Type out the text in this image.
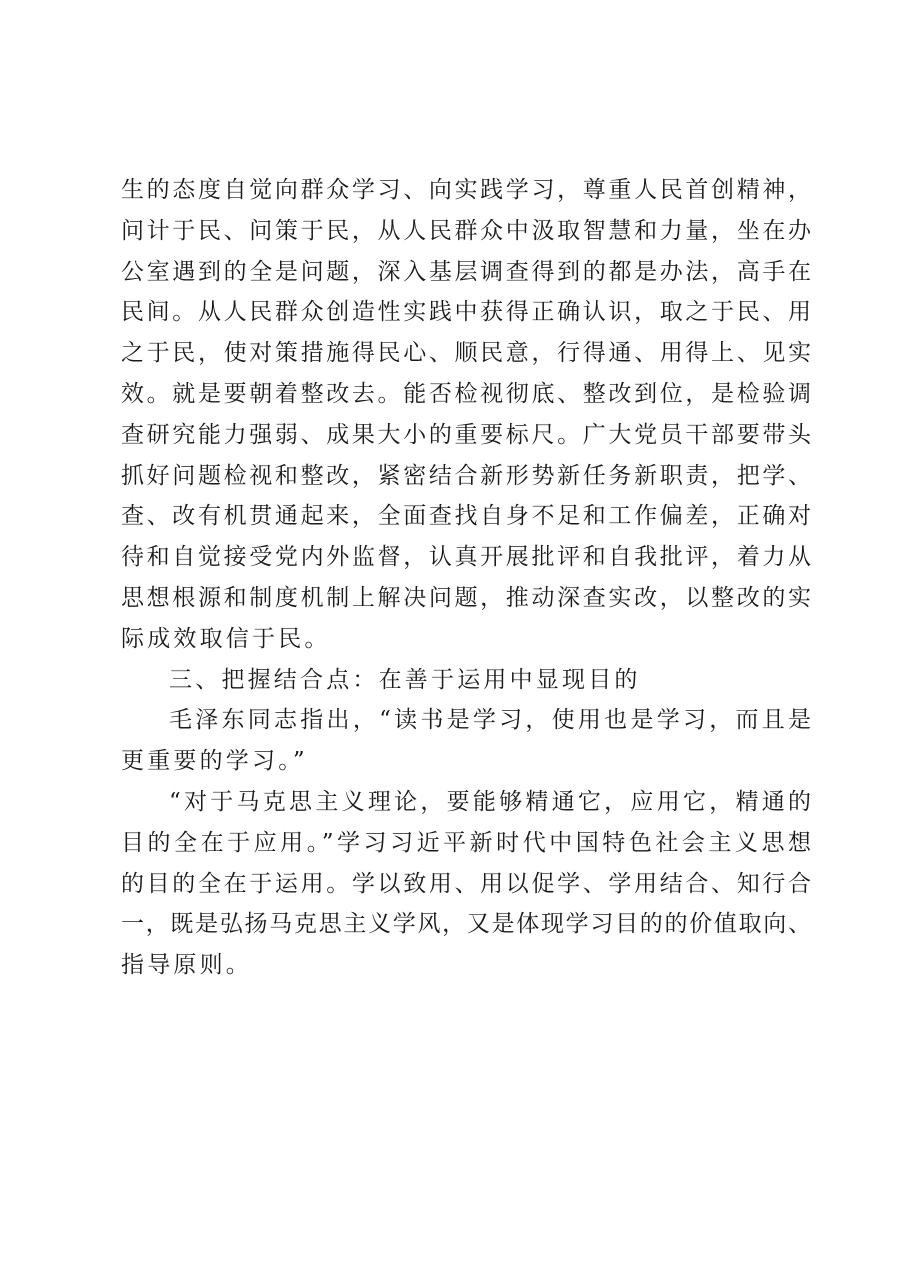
生的态度自觉向群众学习、向实践学习，尊重人民首创精神，
问计于民、问策于民，从人民群众中汲取智慧和力量，坐在办
公室遇到的全是问题，深入基层调查得到的都是办法，高手在
民间。从人民群众创造性实践中获得正确认识，取之于民、用
之于民，使对策措施得民心、顺民意，行得通、用得上、见实
效。就是要朝着整改去。能否检视彻底、整改到位，是检验调
查研究能力强弱、成果大小的重要标尺。广大党员干部要带头
抓好问题检视和整改，紧密结合新形势新任务新职责，把学、
查、改有机贯通起来，全面查找自身不足和工作偏差，正确对
待和自觉接受党内外监督，认真开展批评和自我批评，着力从
思想根源和制度机制上解决问题，推动深查实改，以整改的实
际成效取信于民。
三、把握结合点：在善于运用中显现目的
毛泽东同志指出，“读书是学习，使用也是学习，而且是
更重要的学习。”
“对于马克思主义理论，要能够精通它，应用它，精通的
目的全在于应用。”学习习近平新时代中国特色社会主义思想
的目的全在于运用。学以致用、用以促学、学用结合、知行合
一，既是弘扬马克思主义学风，又是体现学习目的的价值取向、
指导原则。
